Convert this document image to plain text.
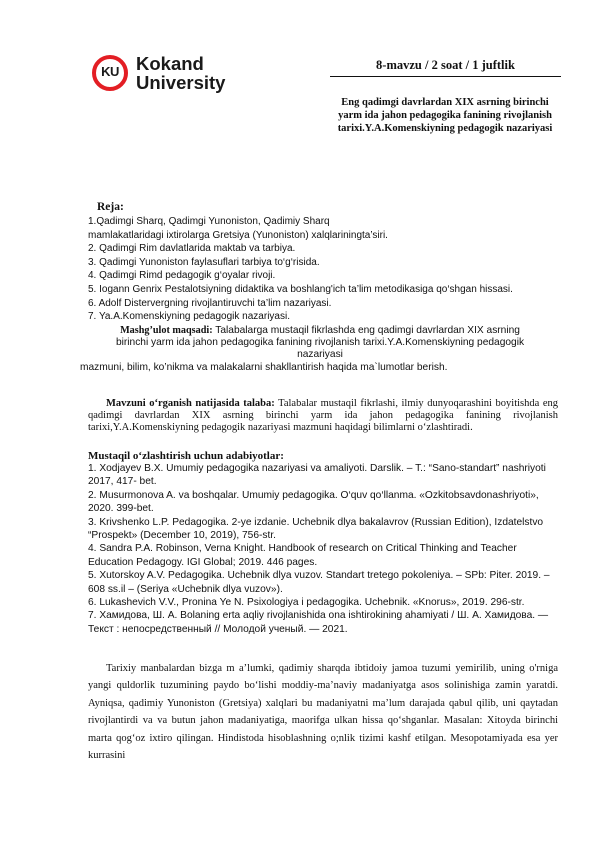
KU Kokand
University
8-mavzu / 2 soat / 1 juftlik
Eng qadimgi davrlardan XIX asrning birinchi
yarm ida jahon pedagogika fanining rivojlanish
tarixi.Y.A.Komenskiyning pedagogik nazariyasi
Reja:
1.Qadimgi Sharq, Qadimgi Yunoniston, Qadimiy Sharq
mamlakatlaridagi ixtirolarga Gretsiya (Yunoniston) xalqlariningta’siri.
2. Qadimgi Rim davlatlarida maktab va tarbiya.
3. Qadimgi Yunoniston faylasuflari tarbiya to‘g‘risida.
4. Qadimgi Rimd pedagogik g‘oyalar rivoji.
5. Iogann Genrix Pestalotsiyning didaktika va boshlang'ich ta’lim metodikasiga qo‘shgan hissasi.
6. Adolf Distervergning rivojlantiruvchi ta’lim nazariyasi.
7. Ya.A.Komenskiyning pedagogik nazariyasi.
Mashg’ulot maqsadi: Talabalarga mustaqil fikrlashda eng qadimgi davrlardan XIX asrning
birinchi yarm ida jahon pedagogika fanining rivojlanish tarixi.Y.A.Komenskiyning pedagogik
nazariyasi
mazmuni, bilim, ko’nikma va malakalarni shakllantirish haqida ma`lumotlar berish.
Mavzuni o‘rganish natijasida talaba: Talabalar mustaqil fikrlashi, ilmiy dunyoqarashini boyitishda eng qadimgi davrlardan XIX asrning birinchi yarm ida jahon pedagogika fanining rivojlanish tarixi,Y.A.Komenskiyning pedagogik nazariyasi mazmuni haqidagi bilimlarni o‘zlashtiradi.
Mustaqil o‘zlashtirish uchun adabiyotlar:
1. Xodjayev B.X. Umumiy pedagogika nazariyasi va amaliyoti. Darslik. – T.: “Sano-standart” nashriyoti 2017, 417- bet.
2. Musurmonova A. va boshqalar. Umumiy pedagogika. O‘quv qo‘llanma. «Ozkitobsavdonashriyoti», 2020. 399-bet.
3. Krivshenko L.P. Pedagogika. 2-ye izdanie. Uchebnik dlya bakalavrov (Russian Edition), Izdatelstvo “Prospekt» (December 10, 2019), 756-str.
4. Sandra P.A. Robinson, Verna Knight. Handbook of research on Critical Thinking and Teacher Education Pedagogy. IGI Global; 2019. 446 pages.
5. Xutorskoy A.V. Pedagogika. Uchebnik dlya vuzov. Standart tretego pokoleniya. – SPb: Piter. 2019. – 608 ss.il – (Seriya «Uchebnik dlya vuzov»).
6. Lukashevich V.V., Pronina Ye N. Psixologiya i pedagogika. Uchebnik. «Knorus», 2019. 296-str.
7. Хамидова, Ш. А. Bolaning erta aqliy rivojlanishida ona ishtirokining ahamiyati / Ш. А. Хамидова. — Текст : непосредственный // Молодой ученый. — 2021.
Tarixiy manbalardan bizga m a’lumki, qadimiy sharqda ibtidoiy jamoa tuzumi yemirilib, uning o'rniga yangi quldorlik tuzumining paydo bo‘lishi moddiy-ma’naviy madaniyatga asos solinishiga zamin yaratdi. Ayniqsa, qadimiy Yunoniston (Gretsiya) xalqlari bu madaniyatni ma’lum darajada qabul qilib, uni qaytadan rivojlantirdi va va butun jahon madaniyatiga, maorifga ulkan hissa qo‘shganlar. Masalan: Xitoyda birinchi marta qog‘oz ixtiro qilingan. Hindistoda hisoblashning o;nlik tizimi kashf etilgan. Mesopotamiyada esa yer kurrasini
